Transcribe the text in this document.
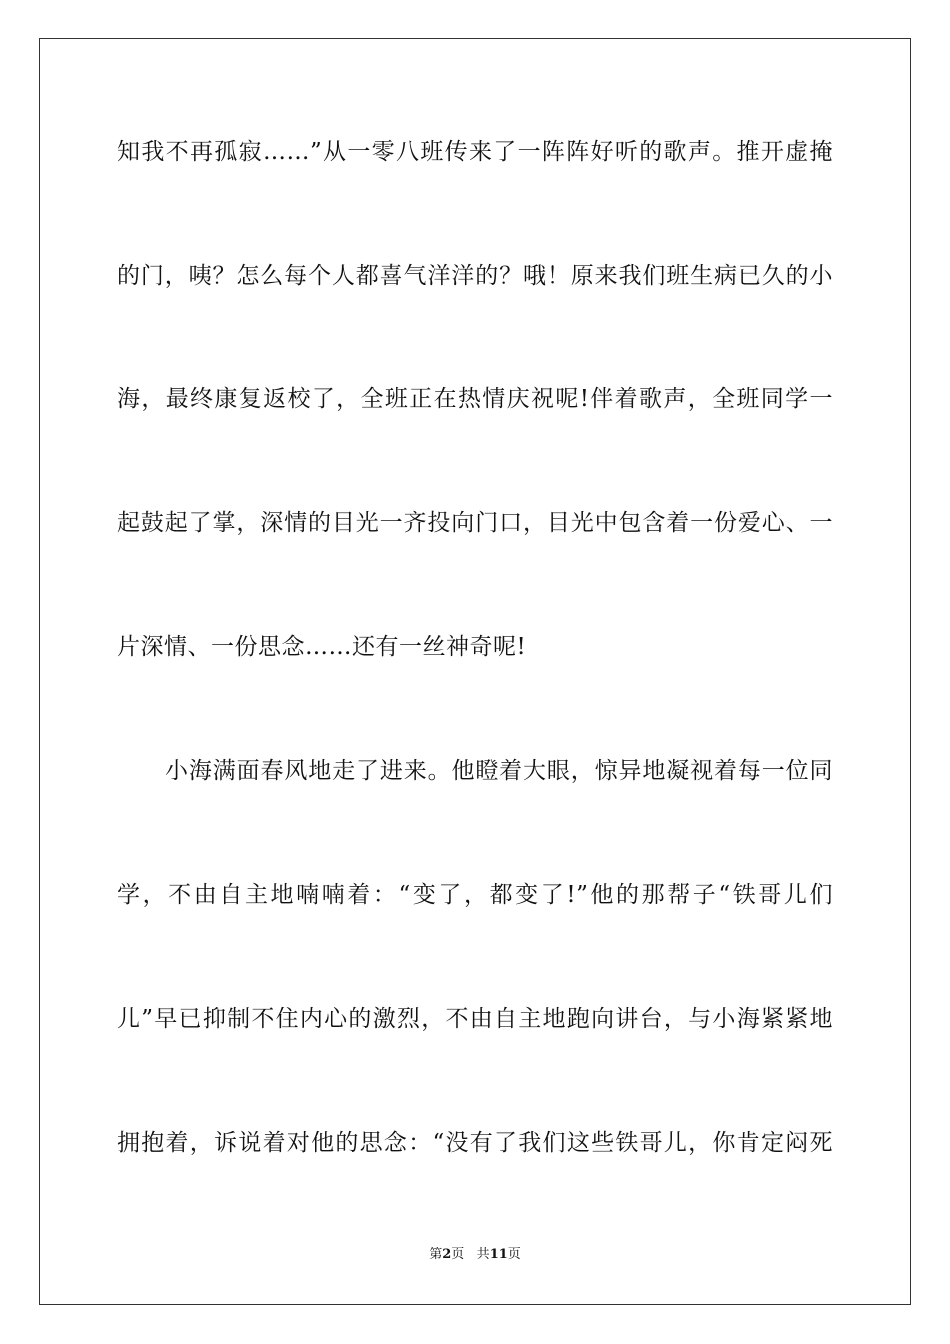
知我不再孤寂……”从一零八班传来了一阵阵好听的歌声。推开虚掩
的门，咦？怎么每个人都喜气洋洋的？哦！原来我们班生病已久的小
海，最终康复返校了，全班正在热情庆祝呢!伴着歌声，全班同学一
起鼓起了掌，深情的目光一齐投向门口，目光中包含着一份爱心、一
片深情、一份思念……还有一丝神奇呢!
小海满面春风地走了进来。他瞪着大眼，惊异地凝视着每一位同
学，不由自主地喃喃着：“变了，都变了!”他的那帮子“铁哥儿们
儿”早已抑制不住内心的激烈，不由自主地跑向讲台，与小海紧紧地
拥抱着，诉说着对他的思念：“没有了我们这些铁哥儿，你肯定闷死
第2页 共11页
